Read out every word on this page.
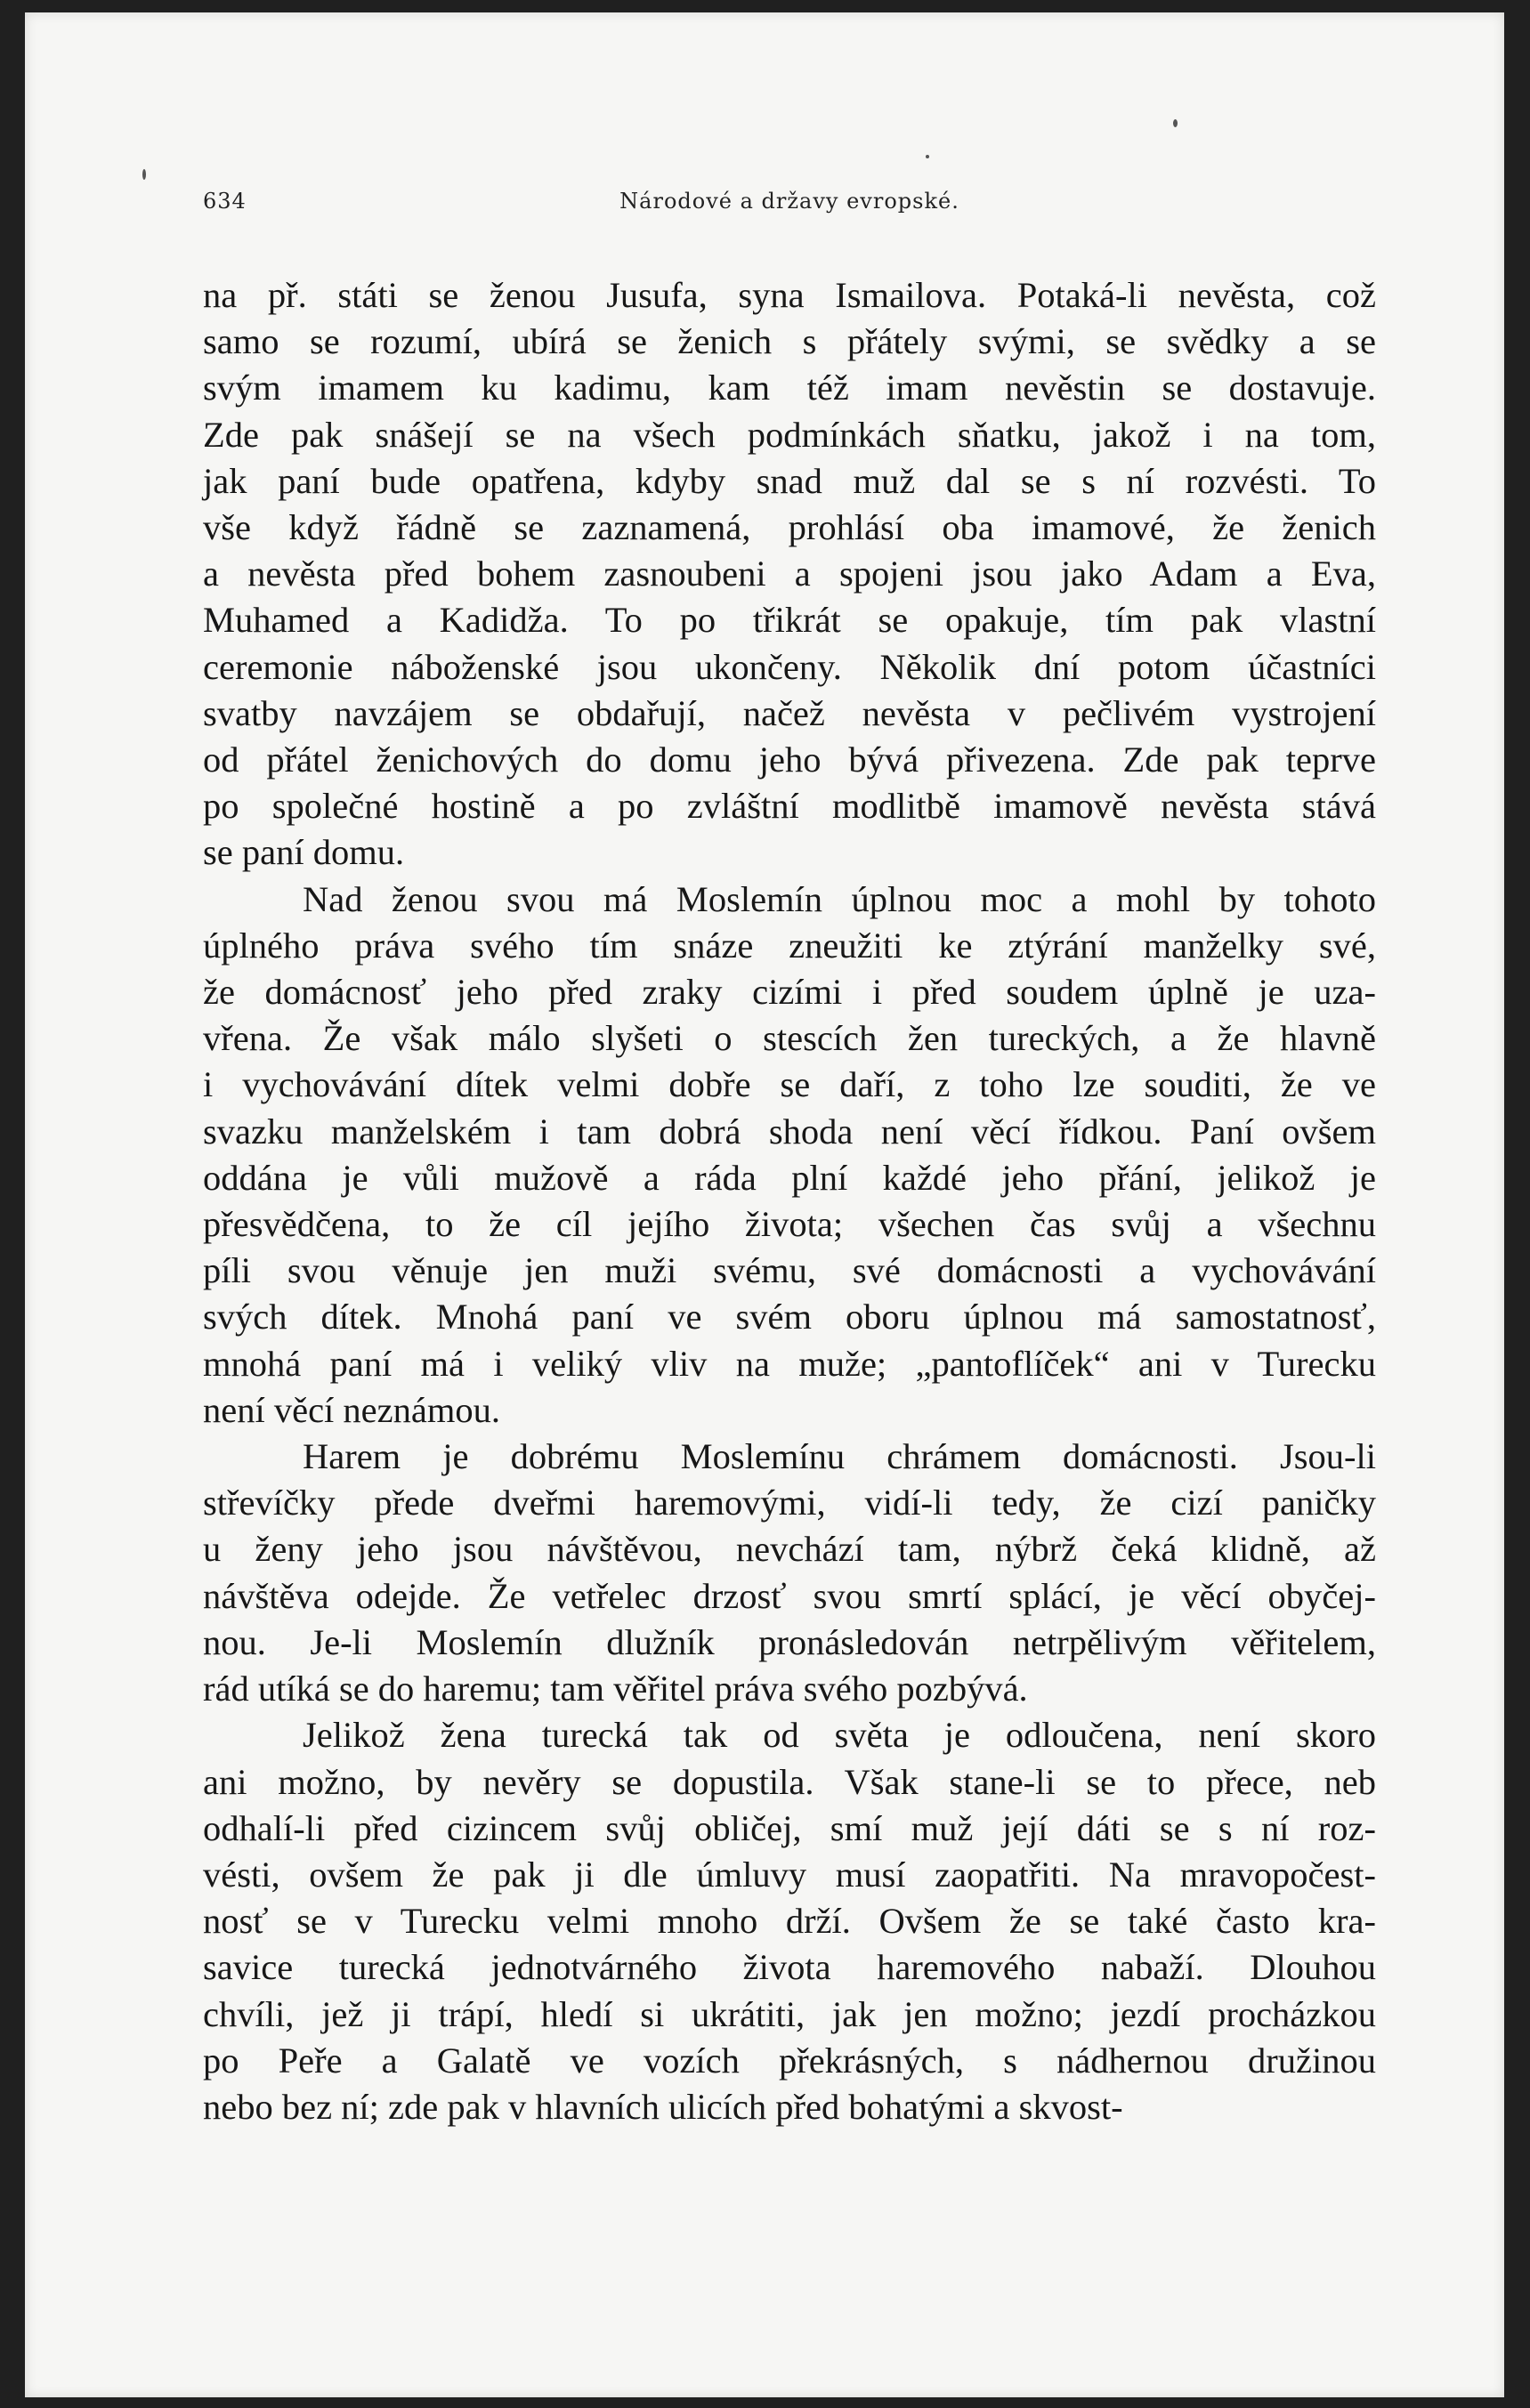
634	Národové a državy evropské.

na př. státi se ženou Jusufa, syna Ismailova. Potaká-li nevěsta, což
samo se rozumí, ubírá se ženich s přátely svými, se svědky a se
svým imamem ku kadimu, kam též imam nevěstin se dostavuje.
Zde pak snášejí se na všech podmínkách sňatku, jakož i na tom,
jak paní bude opatřena, kdyby snad muž dal se s ní rozvésti. To
vše když řádně se zaznamená, prohlásí oba imamové, že ženich
a nevěsta před bohem zasnoubeni a spojeni jsou jako Adam a Eva,
Muhamed a Kadidža. To po třikrát se opakuje, tím pak vlastní
ceremonie náboženské jsou ukončeny. Několik dní potom účastníci
svatby navzájem se obdařují, načež nevěsta v pečlivém vystrojení
od přátel ženichových do domu jeho bývá přivezena. Zde pak teprve
po společné hostině a po zvláštní modlitbě imamově nevěsta stává
se paní domu.

Nad ženou svou má Moslemín úplnou moc a mohl by tohoto
úplného práva svého tím snáze zneužiti ke ztýrání manželky své,
že domácnosť jeho před zraky cizími i před soudem úplně je uza-
vřena. Že však málo slyšeti o stescích žen tureckých, a že hlavně
i vychovávání dítek velmi dobře se daří, z toho lze souditi, že ve
svazku manželském i tam dobrá shoda není věcí řídkou. Paní ovšem
oddána je vůli mužově a ráda plní každé jeho přání, jelikož je
přesvědčena, to že cíl jejího života; všechen čas svůj a všechnu
píli svou věnuje jen muži svému, své domácnosti a vychovávání
svých dítek. Mnohá paní ve svém oboru úplnou má samostatnosť,
mnohá paní má i veliký vliv na muže; „pantoflíček“ ani v Turecku
není věcí neznámou.

Harem je dobrému Moslemínu chrámem domácnosti. Jsou-li
střevíčky přede dveřmi haremovými, vidí-li tedy, že cizí paničky
u ženy jeho jsou návštěvou, nevchází tam, nýbrž čeká klidně, až
návštěva odejde. Že vetřelec drzosť svou smrtí splácí, je věcí obyčej-
nou. Je-li Moslemín dlužník pronásledován netrpělivým věřitelem,
rád utíká se do haremu; tam věřitel práva svého pozbývá.

Jelikož žena turecká tak od světa je odloučena, není skoro
ani možno, by nevěry se dopustila. Však stane-li se to přece, neb
odhalí-li před cizincem svůj obličej, smí muž její dáti se s ní roz-
vésti, ovšem že pak ji dle úmluvy musí zaopatřiti. Na mravopočest-
nosť se v Turecku velmi mnoho drží. Ovšem že se také často kra-
savice turecká jednotvárného života haremového nabaží. Dlouhou
chvíli, jež ji trápí, hledí si ukrátiti, jak jen možno; jezdí procházkou
po Peře a Galatě ve vozích překrásných, s nádhernou družinou
nebo bez ní; zde pak v hlavních ulicích před bohatými a skvost-
